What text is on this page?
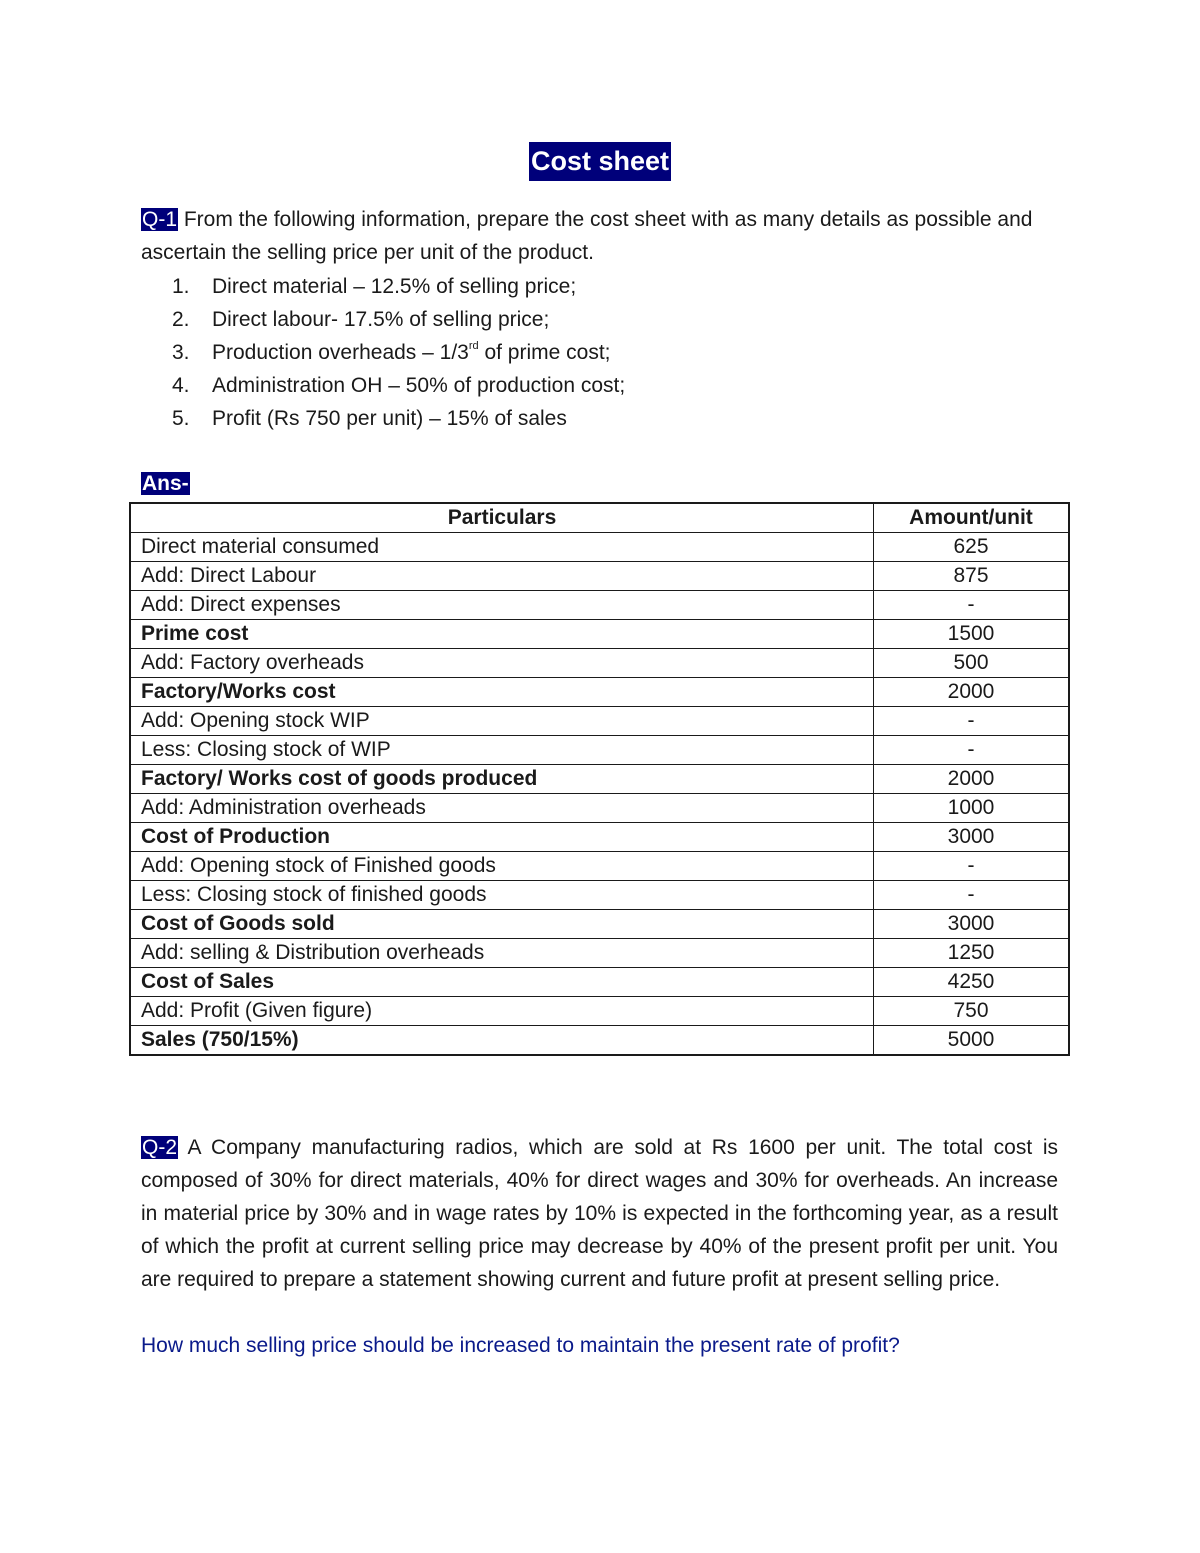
Cost sheet
Q-1 From the following information, prepare the cost sheet with as many details as possible and ascertain the selling price per unit of the product.
1.	Direct material – 12.5% of selling price;
2.	Direct labour- 17.5% of selling price;
3.	Production overheads – 1/3rd of prime cost;
4.	Administration OH – 50% of production cost;
5.	Profit (Rs 750 per unit) – 15% of sales
Ans-
Particulars	Amount/unit
Direct material consumed	625
Add: Direct Labour	875
Add: Direct expenses	-
Prime cost	1500
Add: Factory overheads	500
Factory/Works cost	2000
Add: Opening stock WIP	-
Less: Closing stock of WIP	-
Factory/ Works cost of goods produced	2000
Add: Administration overheads	1000
Cost of Production	3000
Add: Opening stock of Finished goods	-
Less: Closing stock of finished goods	-
Cost of Goods sold	3000
Add: selling & Distribution overheads	1250
Cost of Sales	4250
Add: Profit (Given figure)	750
Sales (750/15%)	5000
Q-2 A Company manufacturing radios, which are sold at Rs 1600 per unit. The total cost is composed of 30% for direct materials, 40% for direct wages and 30% for overheads. An increase in material price by 30% and in wage rates by 10% is expected in the forthcoming year, as a result of which the profit at current selling price may decrease by 40% of the present profit per unit. You are required to prepare a statement showing current and future profit at present selling price.
How much selling price should be increased to maintain the present rate of profit?
